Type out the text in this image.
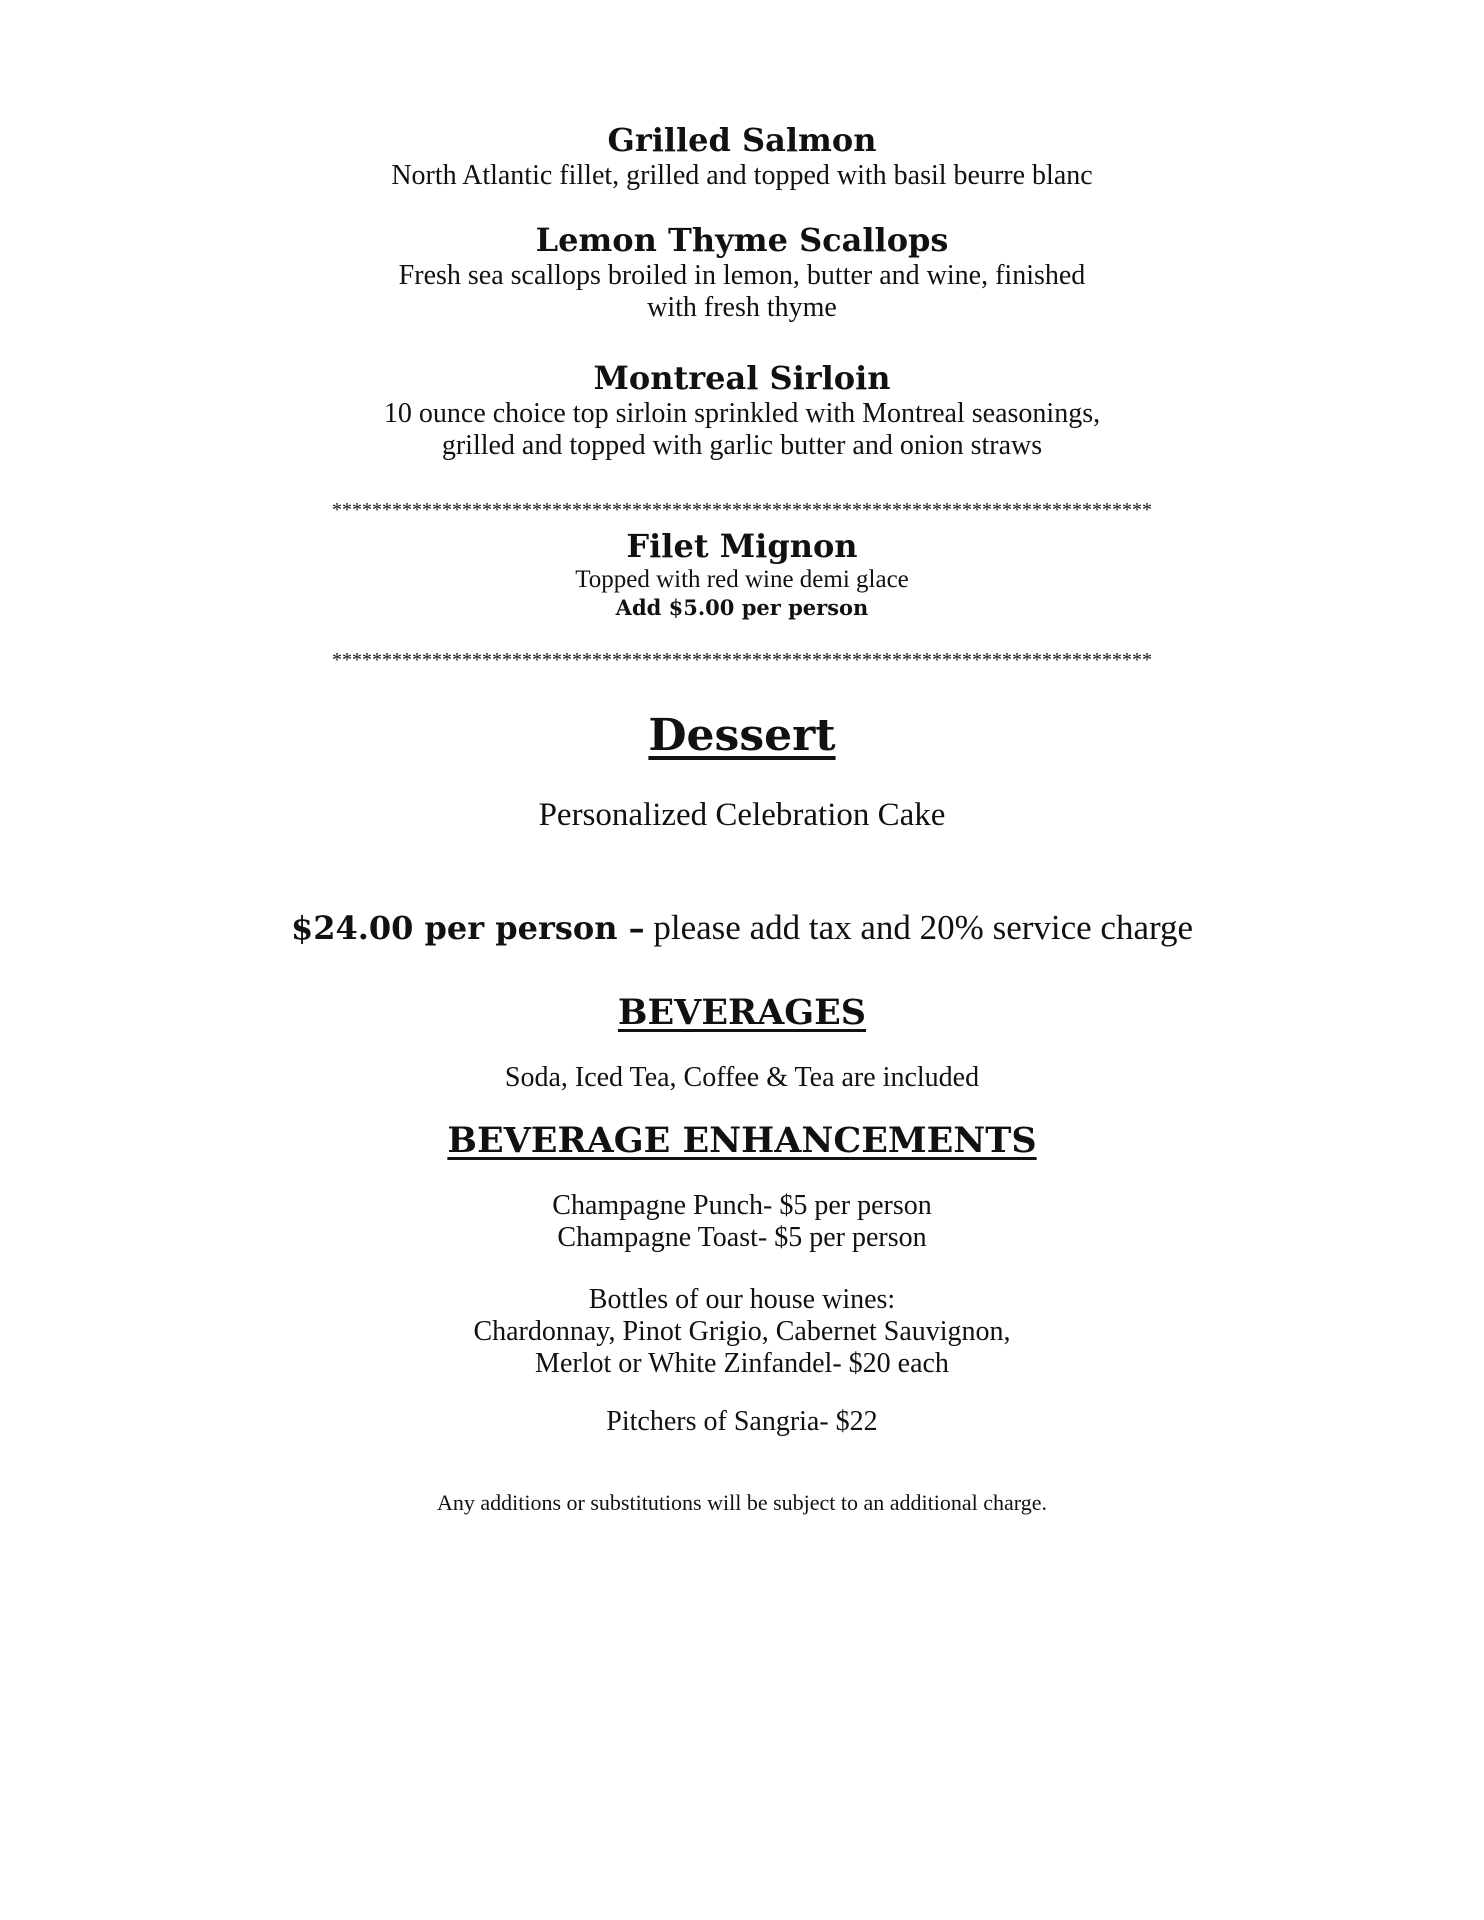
Grilled Salmon
North Atlantic fillet, grilled and topped with basil beurre blanc
Lemon Thyme Scallops
Fresh sea scallops broiled in lemon, butter and wine, finished
with fresh thyme
Montreal Sirloin
10 ounce choice top sirloin sprinkled with Montreal seasonings,
grilled and topped with garlic butter and onion straws
**********************************************************************************
Filet Mignon
Topped with red wine demi glace
Add $5.00 per person
**********************************************************************************
Dessert
Personalized Celebration Cake
$24.00 per person – please add tax and 20% service charge
BEVERAGES
Soda, Iced Tea, Coffee & Tea are included
BEVERAGE ENHANCEMENTS
Champagne Punch- $5 per person
Champagne Toast- $5 per person
Bottles of our house wines:
Chardonnay, Pinot Grigio, Cabernet Sauvignon,
Merlot or White Zinfandel- $20 each
Pitchers of Sangria- $22
Any additions or substitutions will be subject to an additional charge.
